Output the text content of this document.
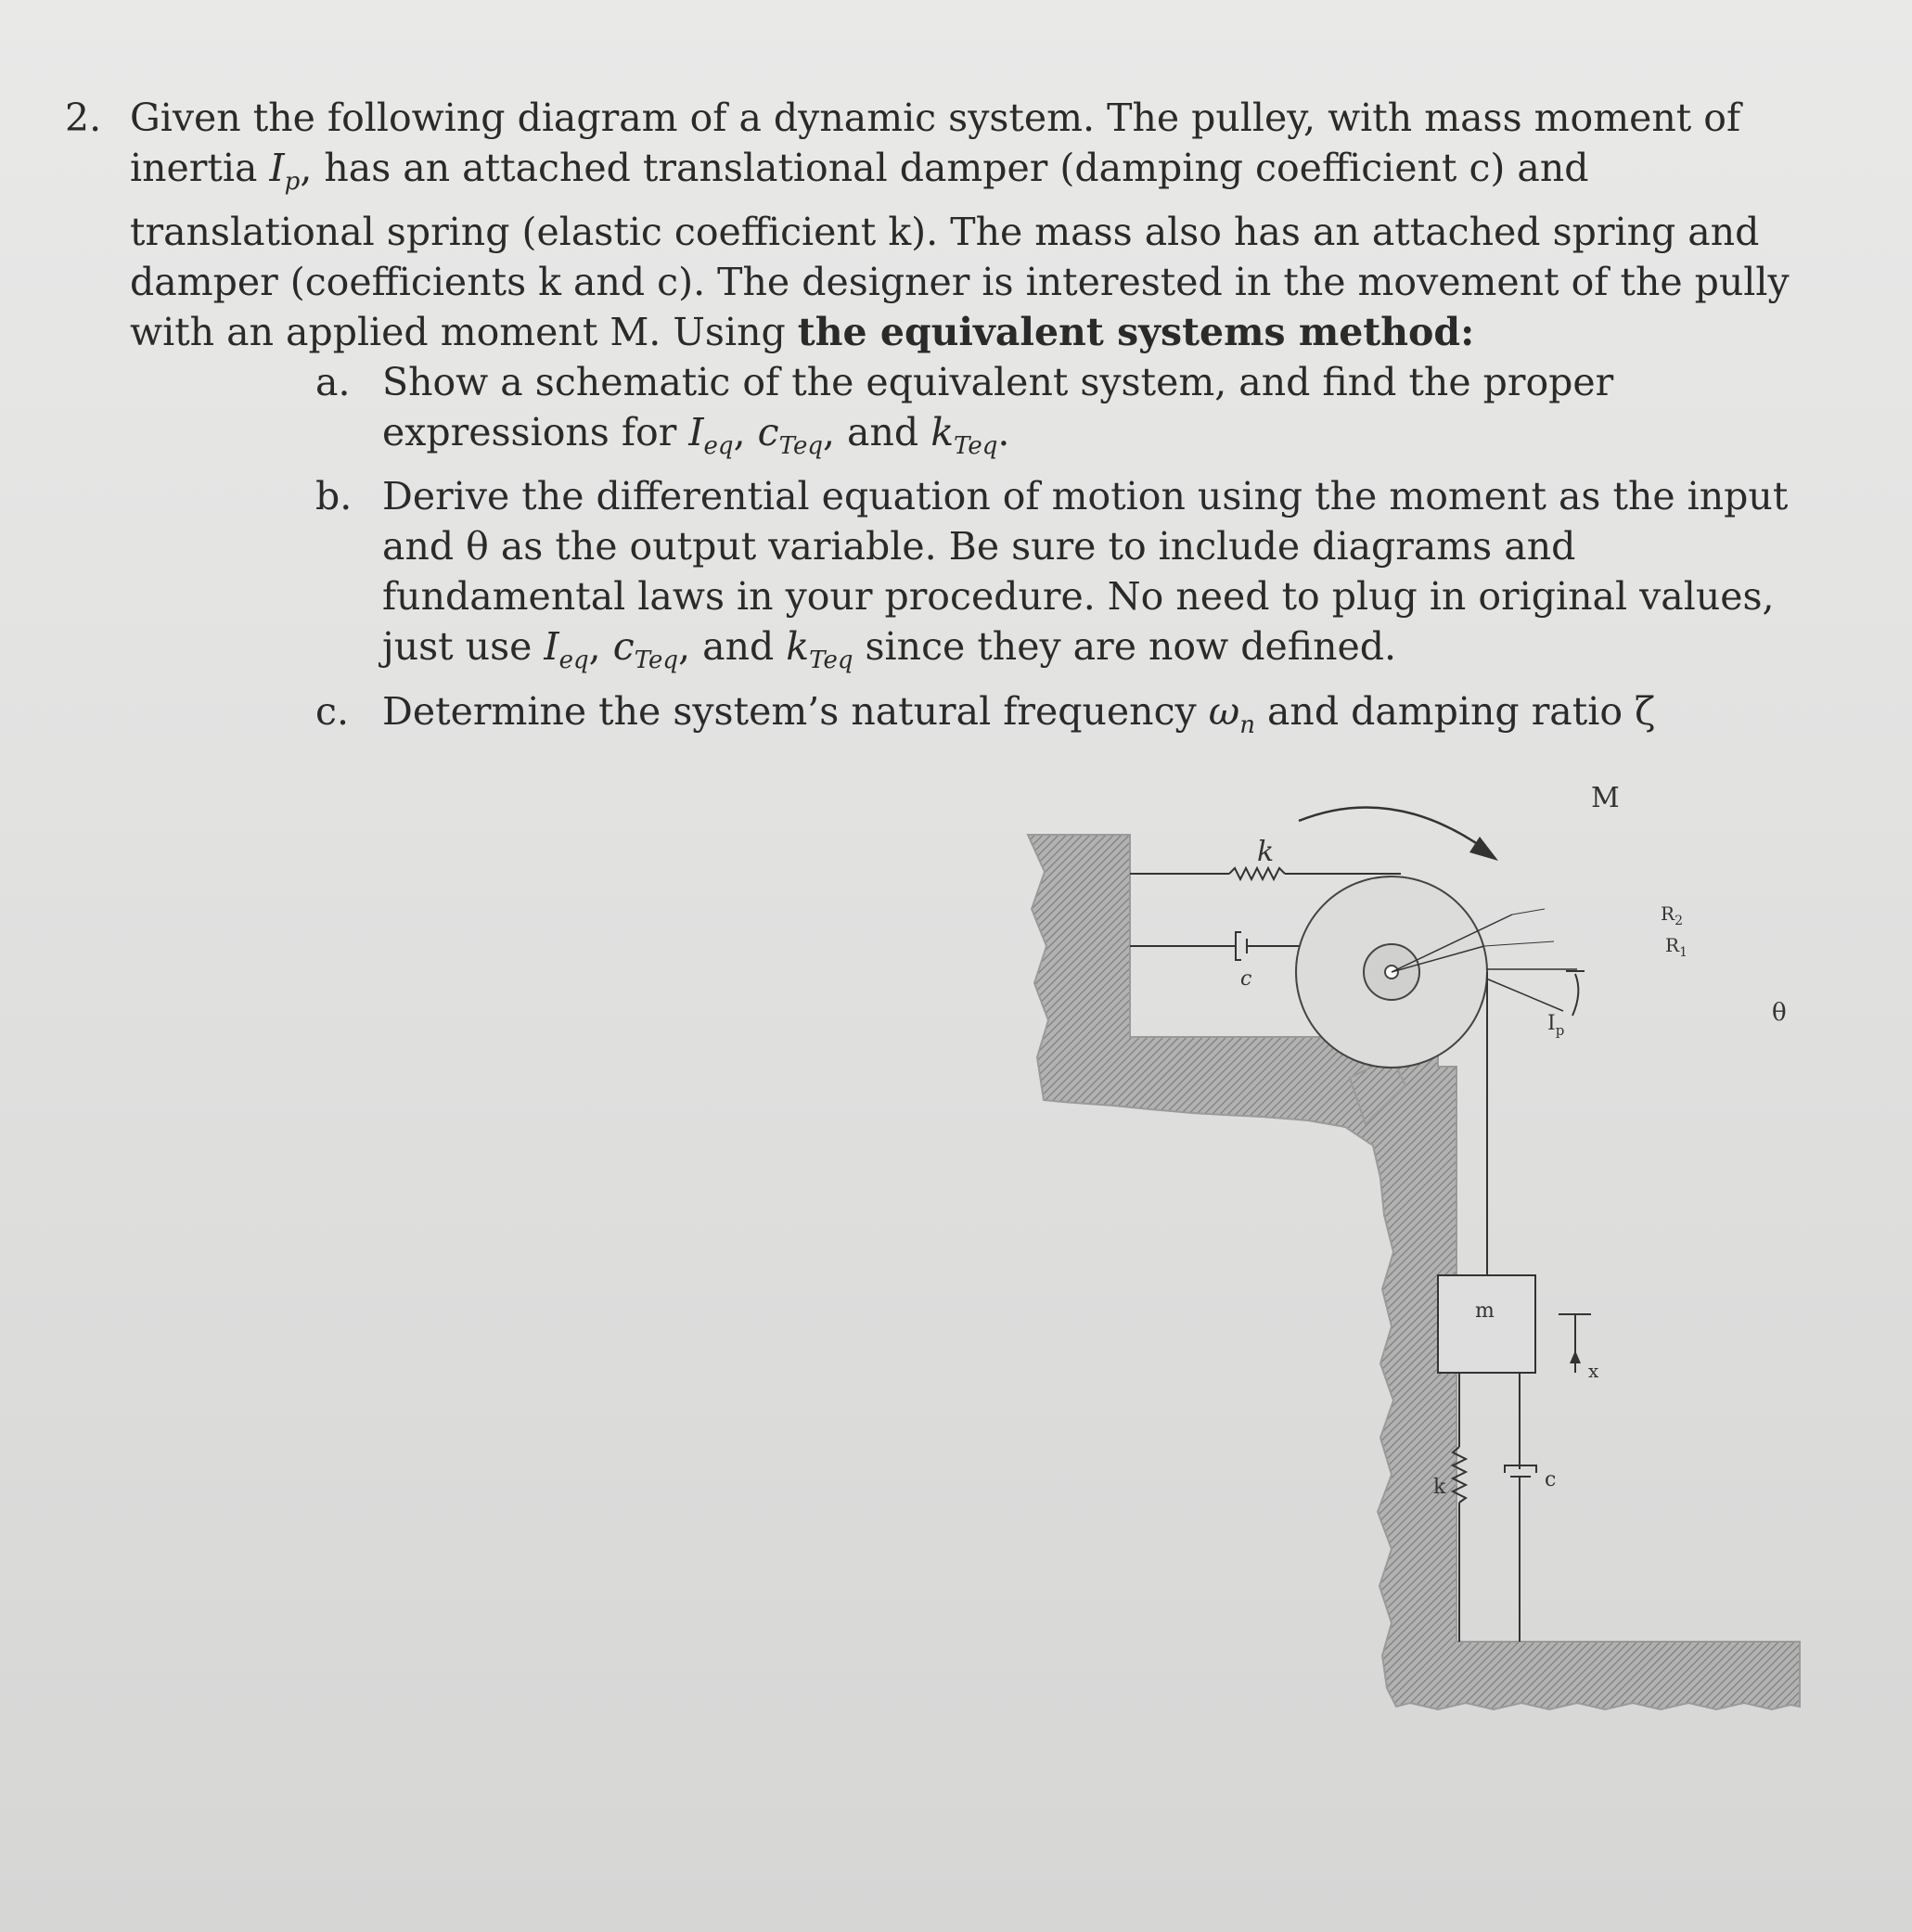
2. Given the following diagram of a dynamic system. The pulley, with mass moment of inertia $I_p$, has an attached translational damper (damping coefficient c) and translational spring (elastic coefficient k). The mass also has an attached spring and damper (coefficients k and c). The designer is interested in the movement of the pully with an applied moment M. Using the equivalent systems method:
a. Show a schematic of the equivalent system, and find the proper expressions for $I_{eq}$, $c_{Teq}$, and $k_{Teq}$.
b. Derive the differential equation of motion using the moment as the input and θ as the output variable. Be sure to include diagrams and fundamental laws in your procedure. No need to plug in original values, just use $I_{eq}$, $c_{Teq}$, and $k_{Teq}$ since they are now defined.
c. Determine the system’s natural frequency $\omega_n$ and damping ratio ζ
M
k
c
$R_2$
$R_1$
θ
$I_p$
m
x
k	c
